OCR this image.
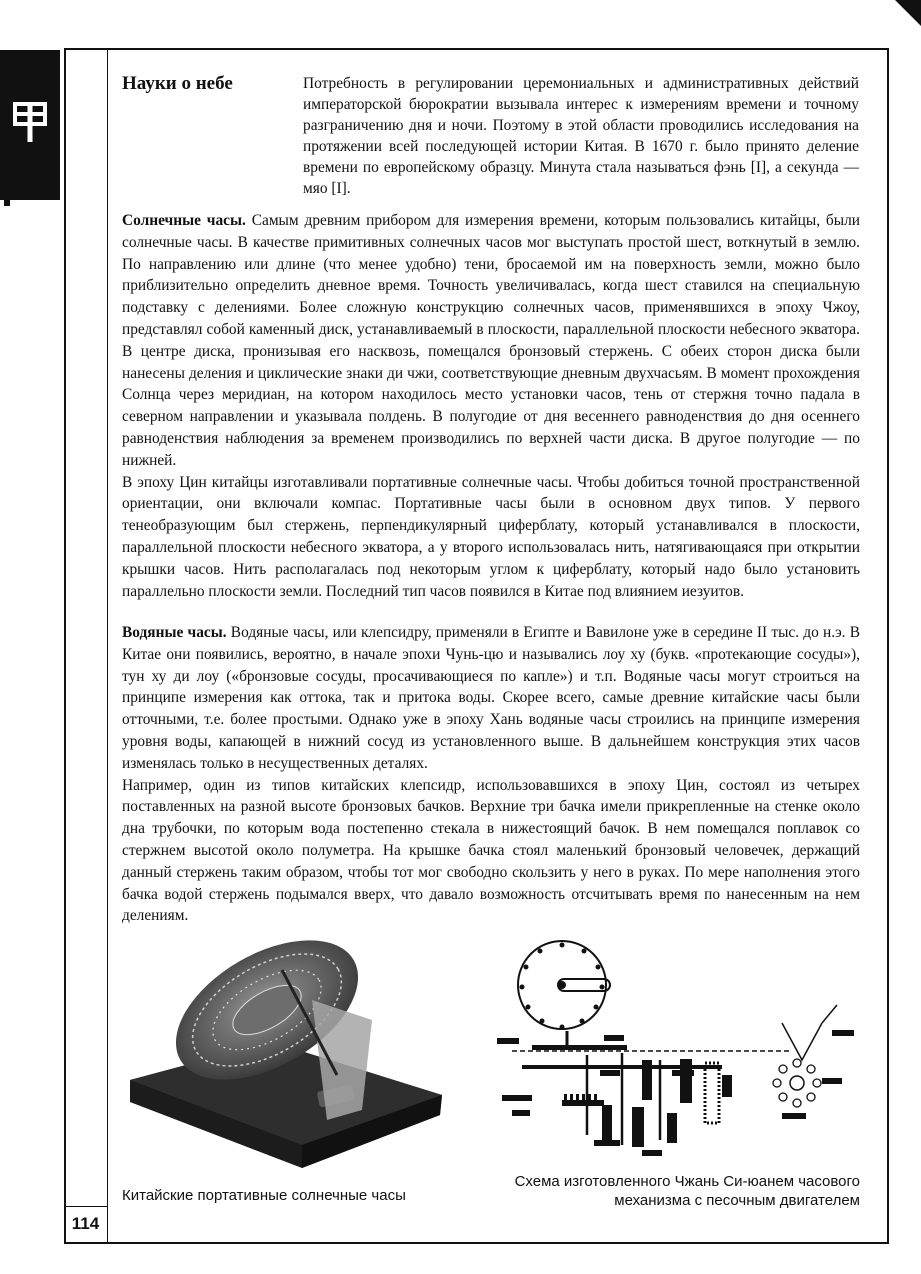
Науки о небе	Потребность в регулировании церемониальных и административных действий императорской бюрократии вызывала интерес к измерениям времени и точному разграничению дня и ночи. Поэтому в этой области проводились исследования на протяжении всей последующей истории Китая. В 1670 г. было принято деление времени по европейскому образцу. Минута стала называться фэнь [I], а секунда — мяо [I].

Солнечные часы. Самым древним прибором для измерения времени, которым пользовались китайцы, были солнечные часы. В качестве примитивных солнечных часов мог выступать простой шест, воткнутый в землю. По направлению или длине (что менее удобно) тени, бросаемой им на поверхность земли, можно было приблизительно определить дневное время. Точность увеличивалась, когда шест ставился на специальную подставку с делениями. Более сложную конструкцию солнечных часов, применявшихся в эпоху Чжоу, представлял собой каменный диск, устанавливаемый в плоскости, параллельной плоскости небесного экватора. В центре диска, пронизывая его насквозь, помещался бронзовый стержень. С обеих сторон диска были нанесены деления и циклические знаки ди чжи, соответствующие дневным двухчасьям. В момент прохождения Солнца через меридиан, на котором находилось место установки часов, тень от стержня точно падала в северном направлении и указывала полдень. В полугодие от дня весеннего равноденствия до дня осеннего равноденствия наблюдения за временем производились по верхней части диска. В другое полугодие — по нижней.

В эпоху Цин китайцы изготавливали портативные солнечные часы. Чтобы добиться точной пространственной ориентации, они включали компас. Портативные часы были в основном двух типов. У первого тенеобразующим был стержень, перпендикулярный циферблату, который устанавливался в плоскости, параллельной плоскости небесного экватора, а у второго использовалась нить, натягивающаяся при открытии крышки часов. Нить располагалась под некоторым углом к циферблату, который надо было установить параллельно плоскости земли. Последний тип часов появился в Китае под влиянием иезуитов.

Водяные часы. Водяные часы, или клепсидру, применяли в Египте и Вавилоне уже в середине II тыс. до н.э. В Китае они появились, вероятно, в начале эпохи Чунь-цю и назывались лоу ху (букв. «протекающие сосуды»), тун ху ди лоу («бронзовые сосуды, просачивающиеся по капле») и т.п. Водяные часы могут строиться на принципе измерения как оттока, так и притока воды. Скорее всего, самые древние китайские часы были отточными, т.е. более простыми. Однако уже в эпоху Хань водяные часы строились на принципе измерения уровня воды, капающей в нижний сосуд из установленного выше. В дальнейшем конструкция этих часов изменялась только в несущественных деталях.

Например, один из типов китайских клепсидр, использовавшихся в эпоху Цин, состоял из четырех поставленных на разной высоте бронзовых бачков. Верхние три бачка имели прикрепленные на стенке около дна трубочки, по которым вода постепенно стекала в нижестоящий бачок. В нем помещался поплавок со стержнем высотой около полуметра. На крышке бачка стоял маленький бронзовый человечек, держащий данный стержень таким образом, чтобы тот мог свободно скользить у него в руках. По мере наполнения этого бачка водой стержень подымался вверх, что давало возможность отсчитывать время по нанесенным на нем делениям.

Китайские портативные солнечные часы
Схема изготовленного Чжань Си-юанем часового
механизма с песочным двигателем
114
